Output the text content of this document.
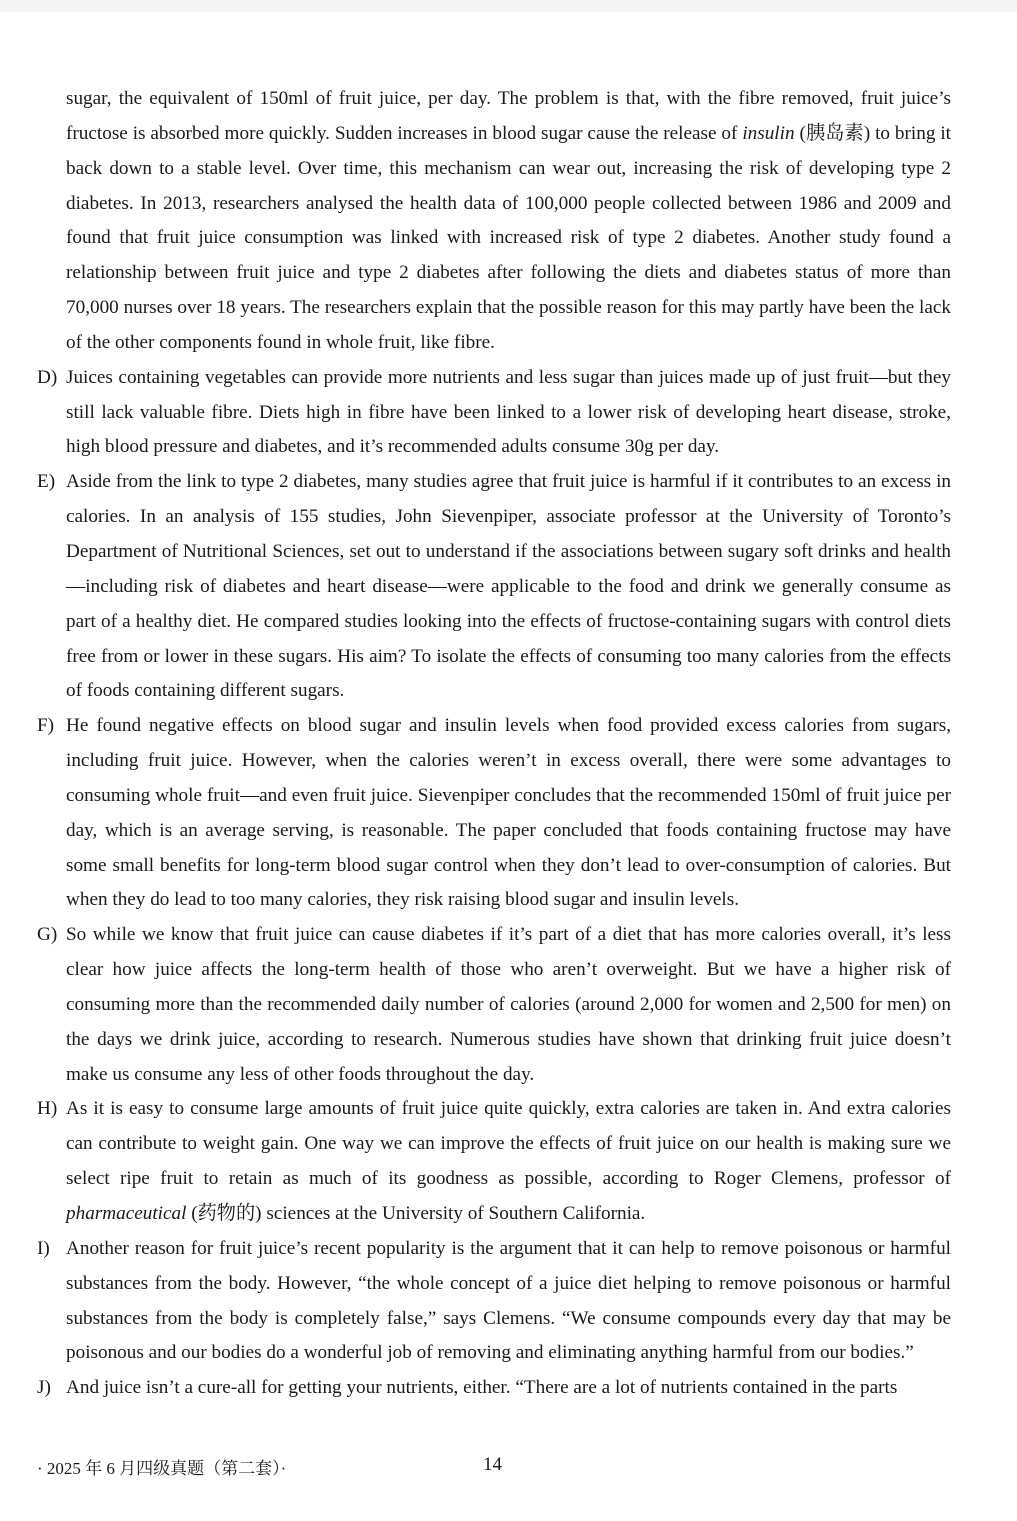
sugar, the equivalent of 150ml of fruit juice, per day. The problem is that, with the fibre removed, fruit juice’s fructose is absorbed more quickly. Sudden increases in blood sugar cause the release of insulin (胰岛素) to bring it back down to a stable level. Over time, this mechanism can wear out, increasing the risk of developing type 2 diabetes. In 2013, researchers analysed the health data of 100,000 people collected between 1986 and 2009 and found that fruit juice consumption was linked with increased risk of type 2 diabetes. Another study found a relationship between fruit juice and type 2 diabetes after following the diets and diabetes status of more than 70,000 nurses over 18 years. The researchers explain that the possible reason for this may partly have been the lack of the other components found in whole fruit, like fibre.

D) Juices containing vegetables can provide more nutrients and less sugar than juices made up of just fruit—but they still lack valuable fibre. Diets high in fibre have been linked to a lower risk of developing heart disease, stroke, high blood pressure and diabetes, and it’s recommended adults consume 30g per day.

E) Aside from the link to type 2 diabetes, many studies agree that fruit juice is harmful if it contributes to an excess in calories. In an analysis of 155 studies, John Sievenpiper, associate professor at the University of Toronto’s Department of Nutritional Sciences, set out to understand if the associations between sugary soft drinks and health—including risk of diabetes and heart disease—were applicable to the food and drink we generally consume as part of a healthy diet. He compared studies looking into the effects of fructose-containing sugars with control diets free from or lower in these sugars. His aim? To isolate the effects of consuming too many calories from the effects of foods containing different sugars.

F) He found negative effects on blood sugar and insulin levels when food provided excess calories from sugars, including fruit juice. However, when the calories weren’t in excess overall, there were some advantages to consuming whole fruit—and even fruit juice. Sievenpiper concludes that the recommended 150ml of fruit juice per day, which is an average serving, is reasonable. The paper concluded that foods containing fructose may have some small benefits for long-term blood sugar control when they don’t lead to over-consumption of calories. But when they do lead to too many calories, they risk raising blood sugar and insulin levels.

G) So while we know that fruit juice can cause diabetes if it’s part of a diet that has more calories overall, it’s less clear how juice affects the long-term health of those who aren’t overweight. But we have a higher risk of consuming more than the recommended daily number of calories (around 2,000 for women and 2,500 for men) on the days we drink juice, according to research. Numerous studies have shown that drinking fruit juice doesn’t make us consume any less of other foods throughout the day.

H) As it is easy to consume large amounts of fruit juice quite quickly, extra calories are taken in. And extra calories can contribute to weight gain. One way we can improve the effects of fruit juice on our health is making sure we select ripe fruit to retain as much of its goodness as possible, according to Roger Clemens, professor of pharmaceutical (药物的) sciences at the University of Southern California.

I) Another reason for fruit juice’s recent popularity is the argument that it can help to remove poisonous or harmful substances from the body. However, “the whole concept of a juice diet helping to remove poisonous or harmful substances from the body is completely false,” says Clemens. “We consume compounds every day that may be poisonous and our bodies do a wonderful job of removing and eliminating anything harmful from our bodies.”

J) And juice isn’t a cure-all for getting your nutrients, either. “There are a lot of nutrients contained in the parts

· 2025 年 6 月四级真题（第二套）·	14
